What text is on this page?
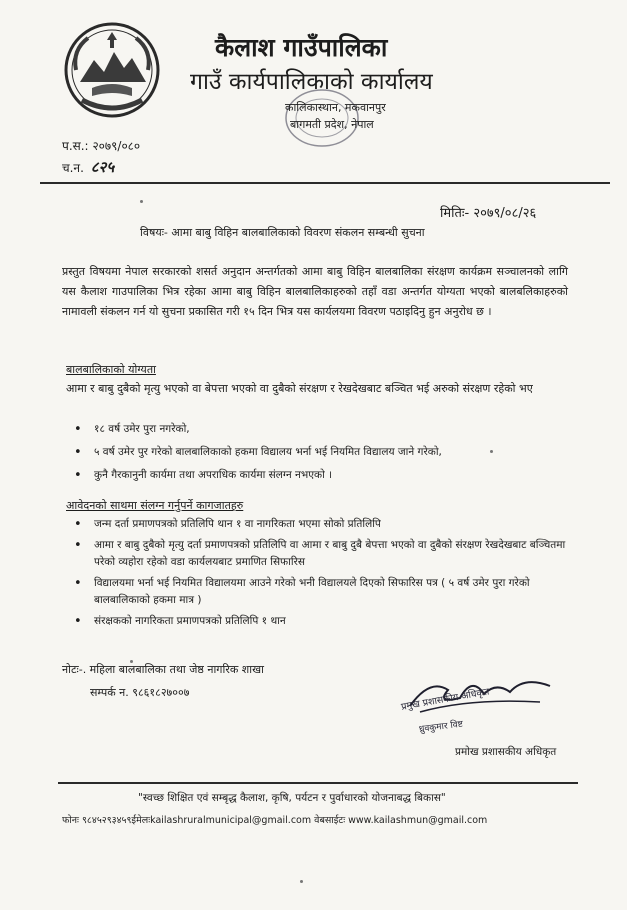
कैलाश गाउँपालिका
गाउँ कार्यपालिकाको कार्यालय
कालिकास्थान, मकवानपुर
बागमती प्रदेश, नेपाल
प.स.: २०७९/०८०
च.न. ८२५
मितिः- २०७९/०८/२६
विषयः- आमा बाबु विहिन बालबालिकाको विवरण संकलन सम्बन्धी सुचना
प्रस्तुत विषयमा नेपाल सरकारको शसर्त अनुदान अन्तर्गतको आमा बाबु विहिन बालबालिका संरक्षण कार्यक्रम सञ्चालनको लागि यस कैलाश गाउपालिका भित्र रहेका आमा बाबु विहिन बालबालिकाहरुको तहाँ वडा अन्तर्गत योग्यता भएको बालबलिकाहरुको नामावली संकलन गर्न यो सुचना प्रकासित गरी १५ दिन भित्र यस कार्यलयमा विवरण पठाइदिनु हुन अनुरोध छ ।
बालबालिकाको योग्यता
आमा र बाबु दुबैको मृत्यु भएको वा बेपत्ता भएको वा दुबैको संरक्षण र रेखदेखबाट बञ्चित भई अरुको संरक्षण रहेको भए
• १८ वर्ष उमेर पुरा नगरेको,
• ५ वर्ष उमेर पुर गरेको बालबालिकाको हकमा विद्यालय भर्ना भई नियमित विद्यालय जाने गरेको,
• कुनै गैरकानुनी कार्यमा तथा अपराधिक कार्यमा संलग्न नभएको ।
आवेदनको साथमा संलग्न गर्नुपर्ने कागजातहरु
• जन्म दर्ता प्रमाणपत्रको प्रतिलिपि थान १ वा नागरिकता भएमा सोको प्रतिलिपि
• आमा र बाबु दुबैको मृत्यु दर्ता प्रमाणपत्रको प्रतिलिपि वा आमा र बाबु दुबै बेपत्ता भएको वा दुबैको संरक्षण रेखदेखबाट बञ्चितमा परेको व्यहोरा रहेको वडा कार्यलयबाट प्रमाणित सिफारिस
• विद्यालयमा भर्ना भई नियमित विद्यालयमा आउने गरेको भनी विद्यालयले दिएको सिफारिस पत्र ( ५ वर्ष उमेर पुरा गरेको बालबालिकाको हकमा मात्र )
• संरक्षकको नागरिकता प्रमाणपत्रको प्रतिलिपि १ थान
नोटः-. महिला बालबालिका तथा जेष्ठ नागरिक शाखा
सम्पर्क न. ९८६१८२७००७	प्रमुख प्रशासकीय अधिकृत
ध्रुवकुमार विष्ट
प्रमोख प्रशासकीय अधिकृत
"स्वच्छ शिक्षित एवं सम्बृद्ध कैलाश, कृषि, पर्यटन र पुर्वाधारको योजनाबद्ध बिकास"
फोनः ९८४५२९३४५९ईमेलःkailashruralmunicipal@gmail.com वेबसाईटः www.kailashmun@gmail.com
